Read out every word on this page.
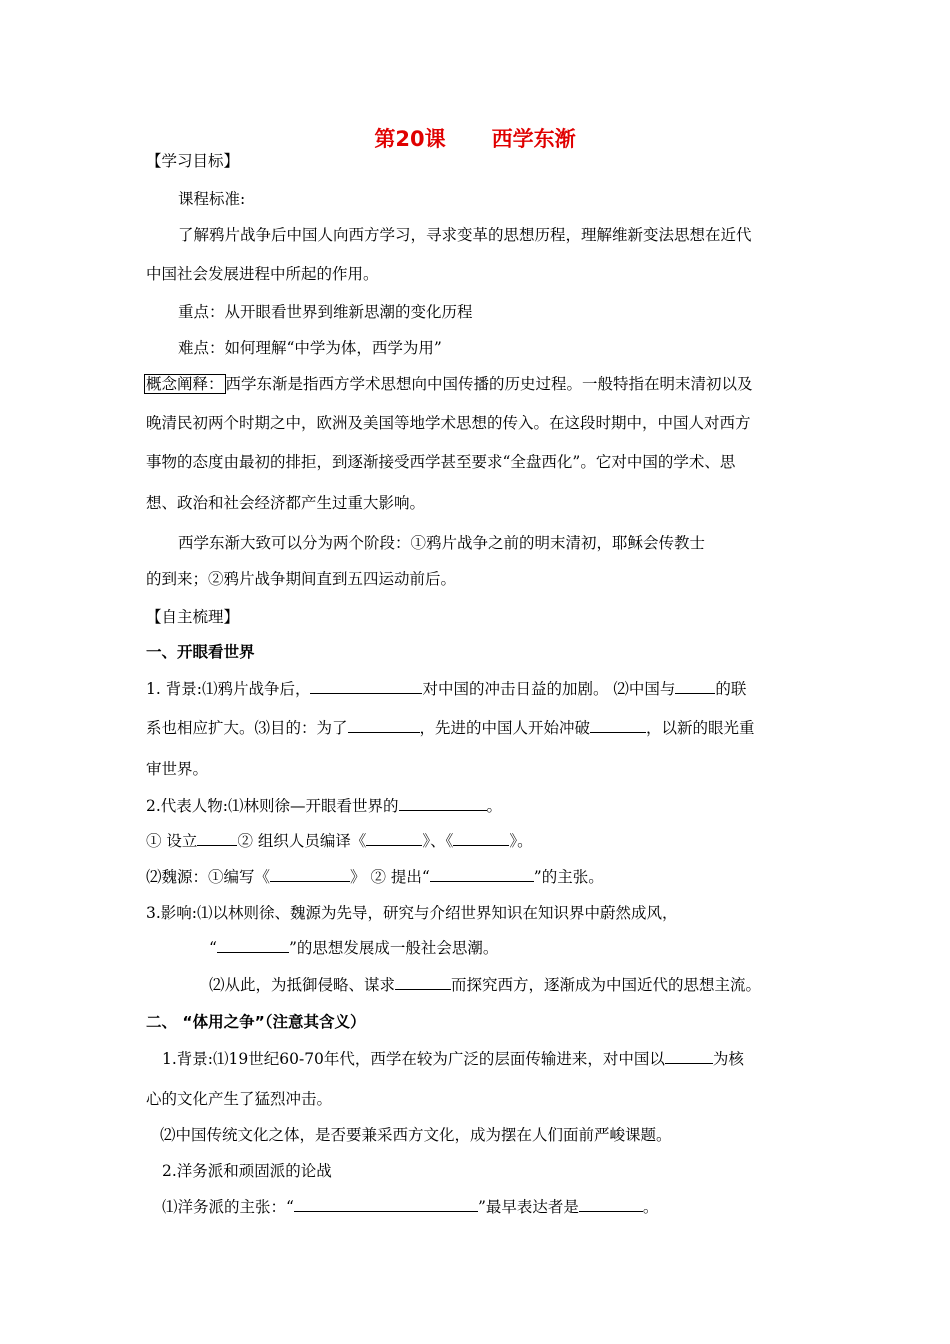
第20课 西学东渐
【学习目标】
课程标准:
了解鸦片战争后中国人向西方学习，寻求变革的思想历程，理解维新变法思想在近代
中国社会发展进程中所起的作用。
重点：从开眼看世界到维新思潮的变化历程
难点：如何理解“中学为体，西学为用”
概念阐释： 西学东渐是指西方学术思想向中国传播的历史过程。一般特指在明末清初以及
晚清民初两个时期之中，欧洲及美国等地学术思想的传入。在这段时期中，中国人对西方
事物的态度由最初的排拒，到逐渐接受西学甚至要求“全盘西化”。它对中国的学术、思
想、政治和社会经济都产生过重大影响。
西学东渐大致可以分为两个阶段：①鸦片战争之前的明末清初，耶稣会传教士
的到来；②鸦片战争期间直到五四运动前后。
【自主梳理】
一、开眼看世界
1. 背景:⑴鸦片战争后，	对中国的冲击日益的加剧。 ⑵中国与	的联
系也相应扩大。⑶目的：为了	，先进的中国人开始冲破	，以新的眼光重
审世界。
2.代表人物:⑴林则徐—开眼看世界的	。
① 设立	② 组织人员编译《	》、《	》。
⑵魏源：①编写《	》 ② 提出“	”的主张。
3.影响:⑴以林则徐、魏源为先导，研究与介绍世界知识在知识界中蔚然成风，
“	”的思想发展成一般社会思潮。
⑵从此，为抵御侵略、谋求	而探究西方，逐渐成为中国近代的思想主流。
二、 “体用之争”（注意其含义）
1.背景:⑴19世纪60-70年代，西学在较为广泛的层面传输进来，对中国以	为核
心的文化产生了猛烈冲击。
⑵中国传统文化之体，是否要兼采西方文化，成为摆在人们面前严峻课题。
2.洋务派和顽固派的论战
⑴洋务派的主张：“	”最早表达者是	。
